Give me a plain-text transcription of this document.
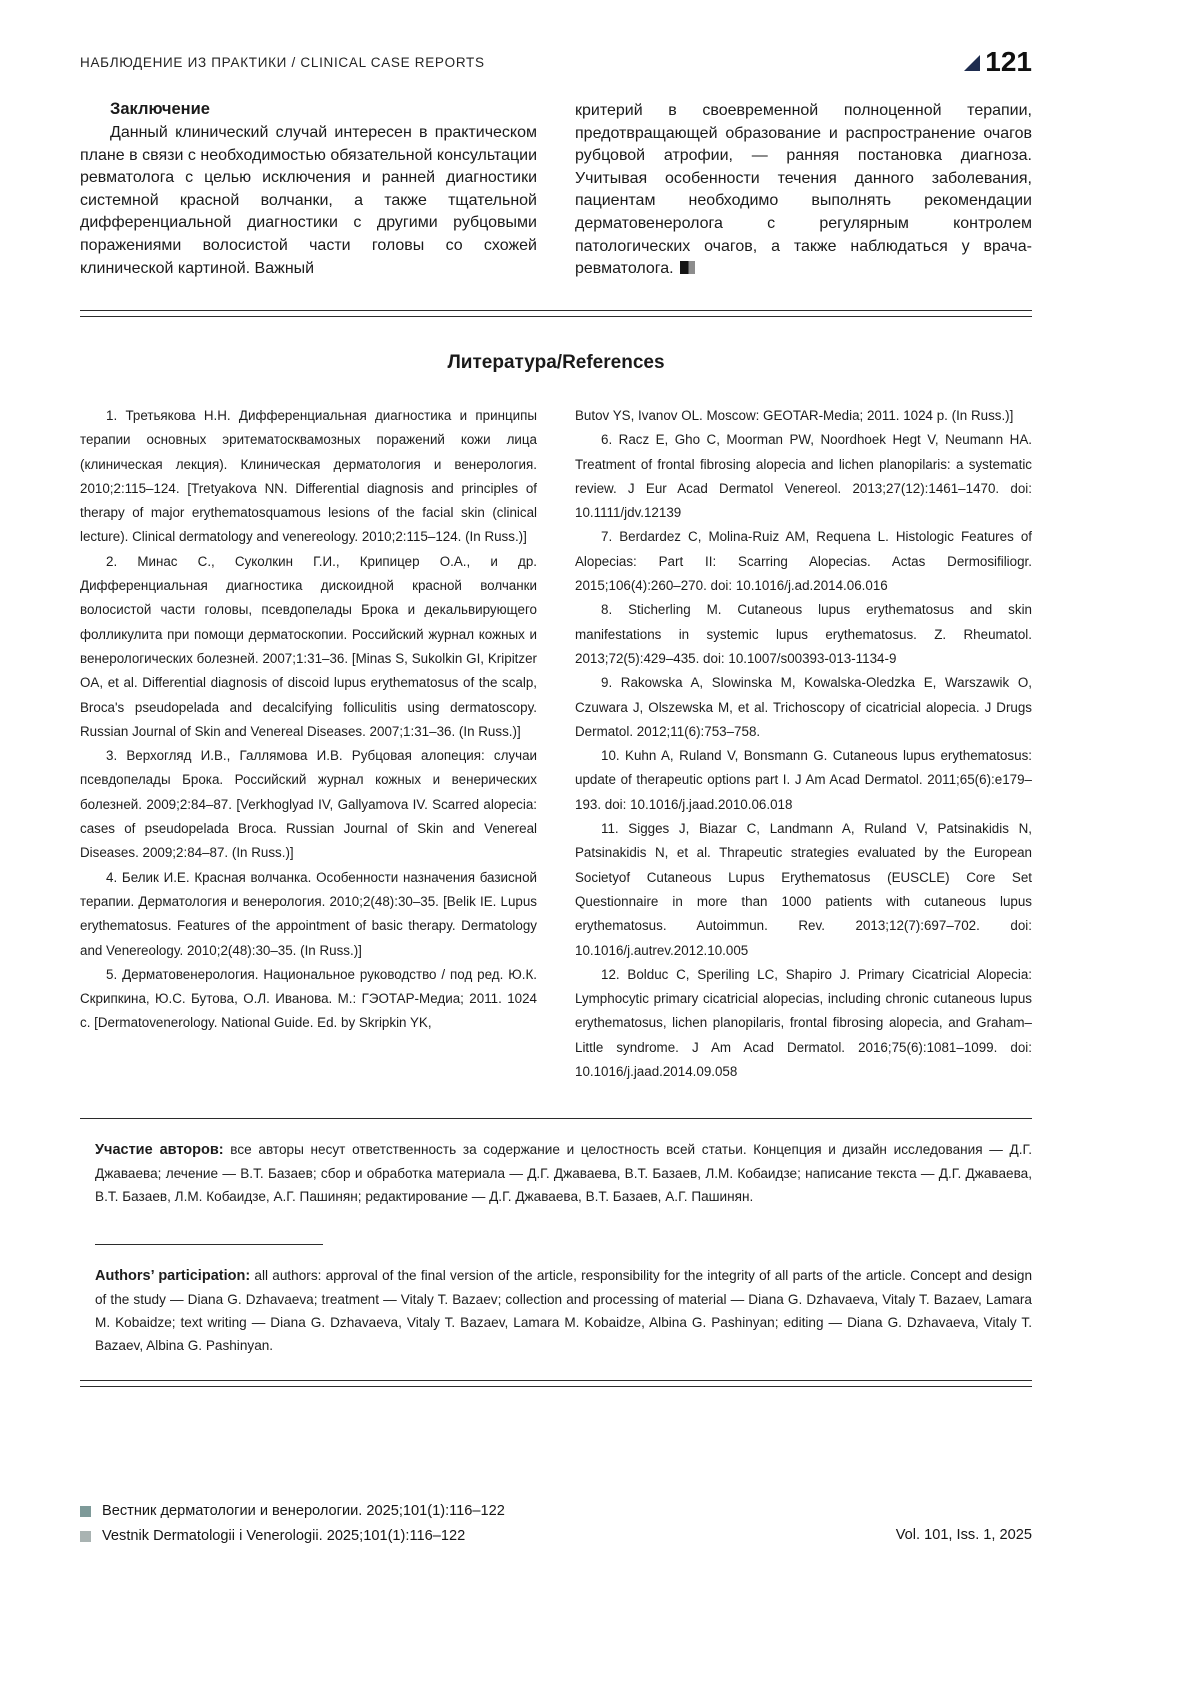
НАБЛЮДЕНИЕ ИЗ ПРАКТИКИ / CLINICAL CASE REPORTS	121
Заключение

Данный клинический случай интересен в практическом плане в связи с необходимостью обязательной консультации ревматолога с целью исключения и ранней диагностики системной красной волчанки, а также тщательной дифференциальной диагностики с другими рубцовыми поражениями волосистой части головы со схожей клинической картиной. Важный

критерий в своевременной полноценной терапии, предотвращающей образование и распространение очагов рубцовой атрофии, — ранняя постановка диагноза. Учитывая особенности течения данного заболевания, пациентам необходимо выполнять рекомендации дерматовенеролога с регулярным контролем патологических очагов, а также наблюдаться у врача-ревматолога.

Литература/References

1. Третьякова Н.Н. Дифференциальная диагностика и принципы терапии основных эритематосквамозных поражений кожи лица (клиническая лекция). Клиническая дерматология и венерология. 2010;2:115–124. [Tretyakova NN. Differential diagnosis and principles of therapy of major erythematosquamous lesions of the facial skin (clinical lecture). Clinical dermatology and venereology. 2010;2:115–124. (In Russ.)]

2. Минас С., Суколкин Г.И., Крипицер О.А., и др. Дифференциальная диагностика дискоидной красной волчанки волосистой части головы, псевдопелады Брока и декальвирующего фолликулита при помощи дерматоскопии. Российский журнал кожных и венерологических болезней. 2007;1:31–36. [Minas S, Sukolkin GI, Kripitzer OA, et al. Differential diagnosis of discoid lupus erythematosus of the scalp, Broca's pseudopelada and decalcifying folliculitis using dermatoscopy. Russian Journal of Skin and Venereal Diseases. 2007;1:31–36. (In Russ.)]

3. Верхогляд И.В., Галлямова И.В. Рубцовая алопеция: случаи псевдопелады Брока. Российский журнал кожных и венерических болезней. 2009;2:84–87. [Verkhoglyad IV, Gallyamova IV. Scarred alopecia: cases of pseudopelada Broca. Russian Journal of Skin and Venereal Diseases. 2009;2:84–87. (In Russ.)]

4. Белик И.Е. Красная волчанка. Особенности назначения базисной терапии. Дерматология и венерология. 2010;2(48):30–35. [Belik IE. Lupus erythematosus. Features of the appointment of basic therapy. Dermatology and Venereology. 2010;2(48):30–35. (In Russ.)]

5. Дерматовенерология. Национальное руководство / под ред. Ю.К. Скрипкина, Ю.С. Бутова, О.Л. Иванова. М.: ГЭОТАР-Медиа; 2011. 1024 с. [Dermatovenerology. National Guide. Ed. by Skripkin YK,

Butov YS, Ivanov OL. Moscow: GEOTAR-Media; 2011. 1024 p. (In Russ.)]

6. Racz E, Gho C, Moorman PW, Noordhoek Hegt V, Neumann HA. Treatment of frontal fibrosing alopecia and lichen planopilaris: a systematic review. J Eur Acad Dermatol Venereol. 2013;27(12):1461–1470. doi: 10.1111/jdv.12139

7. Berdardez C, Molina-Ruiz AM, Requena L. Histologic Features of Alopecias: Part II: Scarring Alopecias. Actas Dermosifiliogr. 2015;106(4):260–270. doi: 10.1016/j.ad.2014.06.016

8. Sticherling M. Cutaneous lupus erythematosus and skin manifestations in systemic lupus erythematosus. Z. Rheumatol. 2013;72(5):429–435. doi: 10.1007/s00393-013-1134-9

9. Rakowska A, Slowinska M, Kowalska-Oledzka E, Warszawik O, Czuwara J, Olszewska M, et al. Trichoscopy of cicatricial alopecia. J Drugs Dermatol. 2012;11(6):753–758.

10. Kuhn A, Ruland V, Bonsmann G. Cutaneous lupus erythematosus: update of therapeutic options part I. J Am Acad Dermatol. 2011;65(6):e179–193. doi: 10.1016/j.jaad.2010.06.018

11. Sigges J, Biazar C, Landmann A, Ruland V, Patsinakidis N, Patsinakidis N, et al. Thrapeutic strategies evaluated by the European Societyof Cutaneous Lupus Erythematosus (EUSCLE) Core Set Questionnaire in more than 1000 patients with cutaneous lupus erythematosus. Autoimmun. Rev. 2013;12(7):697–702. doi: 10.1016/j.autrev.2012.10.005

12. Bolduc C, Speriling LC, Shapiro J. Primary Cicatricial Alopecia: Lymphocytic primary cicatricial alopecias, including chronic cutaneous lupus erythematosus, lichen planopilaris, frontal fibrosing alopecia, and Graham–Little syndrome. J Am Acad Dermatol. 2016;75(6):1081–1099. doi: 10.1016/j.jaad.2014.09.058

Участие авторов: все авторы несут ответственность за содержание и целостность всей статьи. Концепция и дизайн исследования — Д.Г. Джаваева; лечение — В.Т. Базаев; сбор и обработка материала — Д.Г. Джаваева, В.Т. Базаев, Л.М. Кобаидзе; написание текста — Д.Г. Джаваева, В.Т. Базаев, Л.М. Кобаидзе, А.Г. Пашинян; редактирование — Д.Г. Джаваева, В.Т. Базаев, А.Г. Пашинян.

Authors’ participation: all authors: approval of the final version of the article, responsibility for the integrity of all parts of the article. Concept and design of the study — Diana G. Dzhavaeva; treatment — Vitaly T. Bazaev; collection and processing of material — Diana G. Dzhavaeva, Vitaly T. Bazaev, Lamara M. Kobaidze; text writing — Diana G. Dzhavaeva, Vitaly T. Bazaev, Lamara M. Kobaidze, Albina G. Pashinyan; editing — Diana G. Dzhavaeva, Vitaly T. Bazaev, Albina G. Pashinyan.

Вестник дерматологии и венерологии. 2025;101(1):116–122
Vestnik Dermatologii i Venerologii. 2025;101(1):116–122	Vol. 101, Iss. 1, 2025
